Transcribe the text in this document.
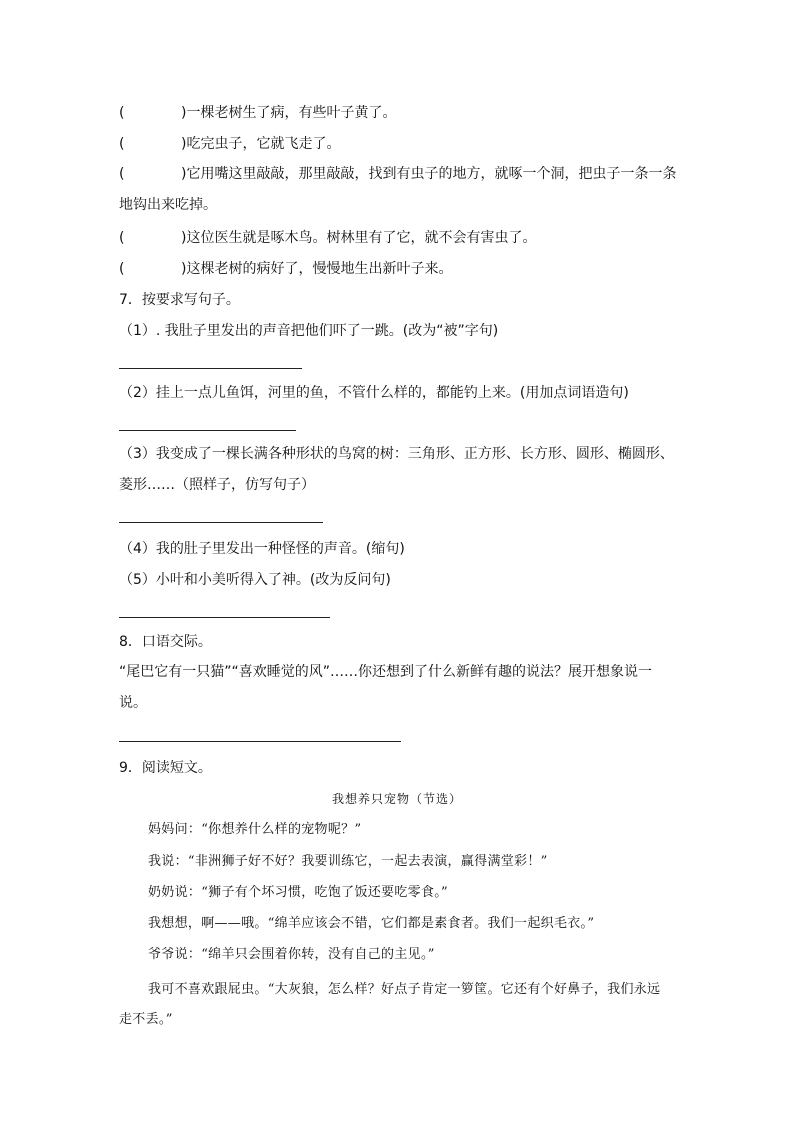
(	)一棵老树生了病，有些叶子黄了。
(	)吃完虫子，它就飞走了。
(	)它用嘴这里敲敲，那里敲敲，找到有虫子的地方，就啄一个洞，把虫子一条一条地钩出来吃掉。
(	)这位医生就是啄木鸟。树林里有了它，就不会有害虫了。
(	)这棵老树的病好了，慢慢地生出新叶子来。
7．按要求写句子。
（1）. 我肚子里发出的声音把他们吓了一跳。(改为“被”字句)
（2）挂上一点儿鱼饵，河里的鱼，不管什么样的，都能钓上来。(用加点词语造句)
（3）我变成了一棵长满各种形状的鸟窝的树：三角形、正方形、长方形、圆形、椭圆形、菱形……（照样子，仿写句子）
（4）我的肚子里发出一种怪怪的声音。(缩句)
（5）小叶和小美听得入了神。(改为反问句)
8．口语交际。
“尾巴它有一只猫”“喜欢睡觉的风”……你还想到了什么新鲜有趣的说法？展开想象说一说。
9．阅读短文。
我想养只宠物（节选）
妈妈问：“你想养什么样的宠物呢？”
我说：“非洲狮子好不好？我要训练它，一起去表演，赢得满堂彩！”
奶奶说：“狮子有个坏习惯，吃饱了饭还要吃零食。”
我想想，啊——哦。“绵羊应该会不错，它们都是素食者。我们一起织毛衣。”
爷爷说：“绵羊只会围着你转，没有自己的主见。”
我可不喜欢跟屁虫。“大灰狼，怎么样？好点子肯定一箩筐。它还有个好鼻子，我们永远走不丢。”
